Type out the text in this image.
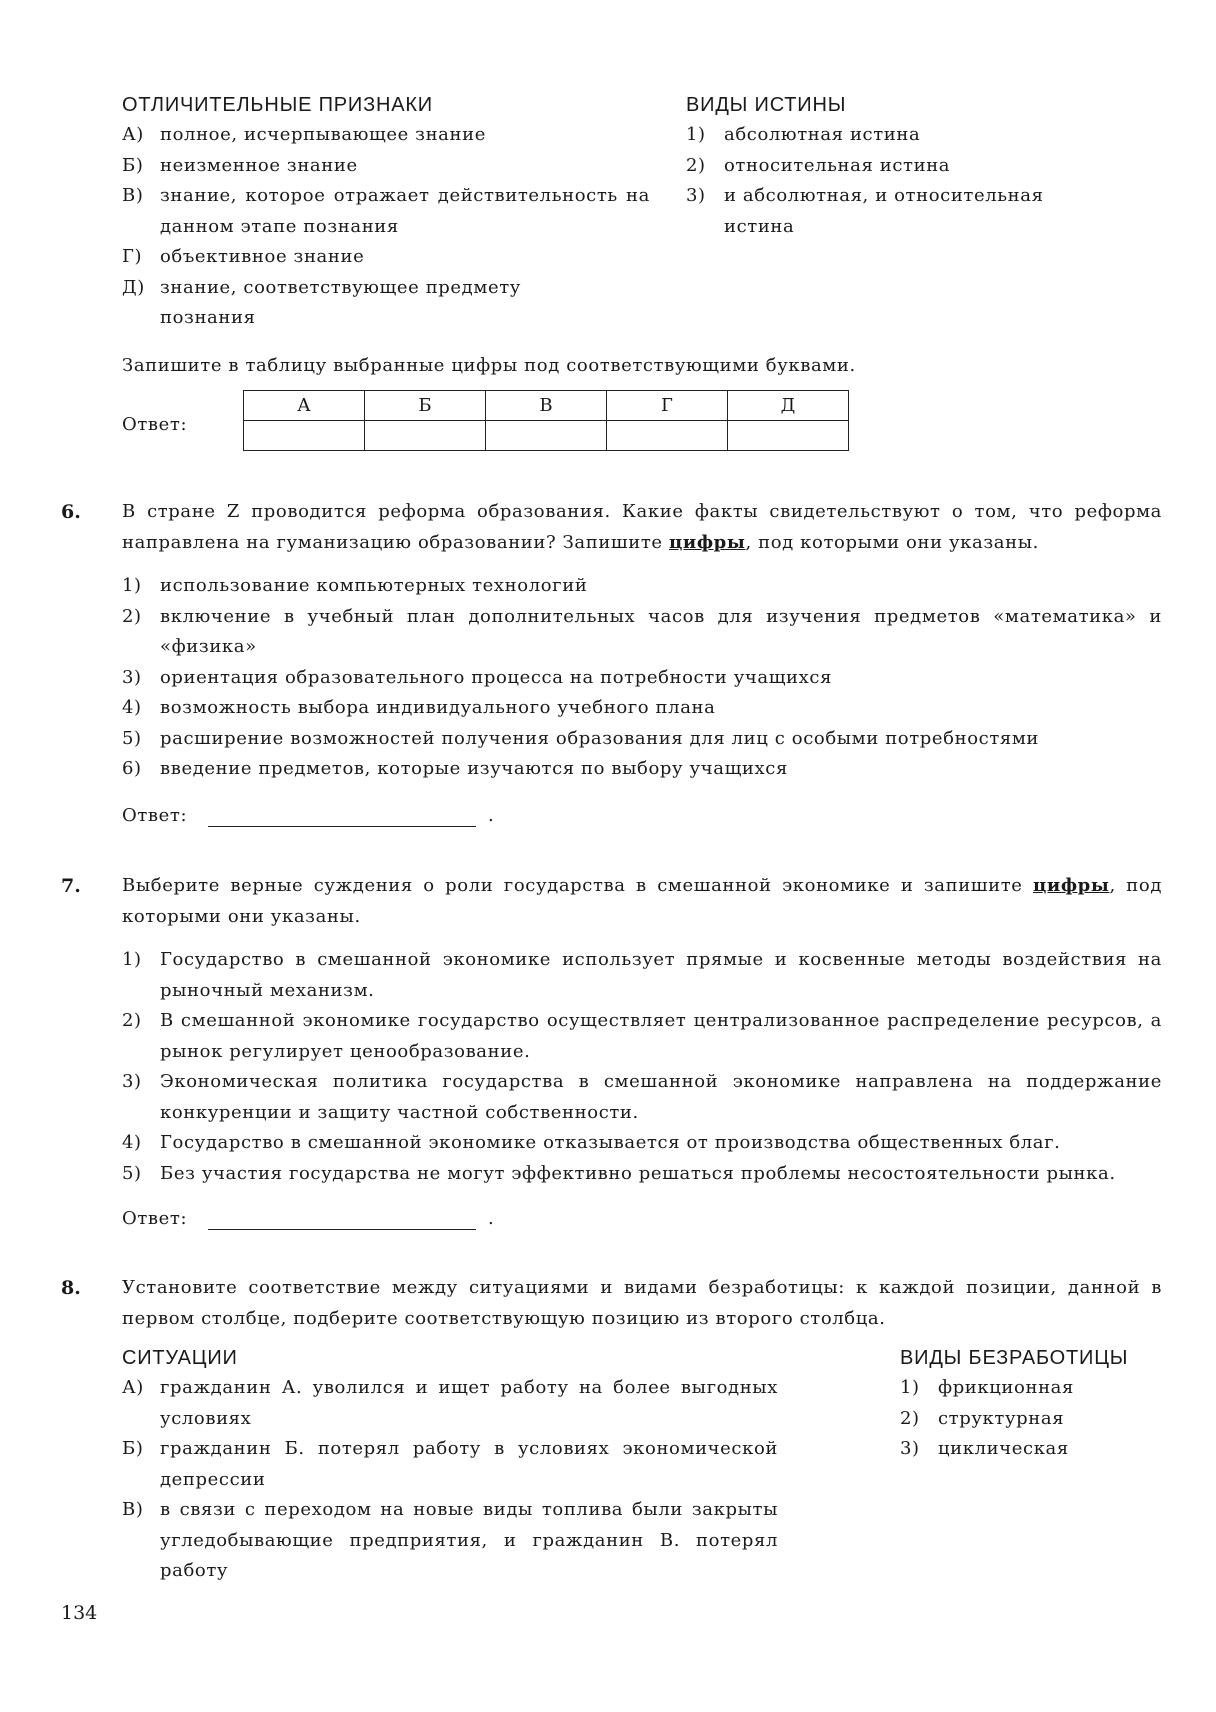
ОТЛИЧИТЕЛЬНЫЕ ПРИЗНАКИ
А) полное, исчерпывающее знание
Б) неизменное знание
В) знание, которое отражает действительность на данном этапе познания
Г) объективное знание
Д) знание, соответствующее предмету познания
ВИДЫ ИСТИНЫ
1) абсолютная истина
2) относительная истина
3) и абсолютная, и относительная истина
Запишите в таблицу выбранные цифры под соответствующими буквами.
Ответ:
А	Б	В	Г	Д

6. В стране Z проводится реформа образования. Какие факты свидетельствуют о том, что реформа направлена на гуманизацию образовании? Запишите цифры, под которыми они указаны.
1) использование компьютерных технологий
2) включение в учебный план дополнительных часов для изучения предметов «математика» и «физика»
3) ориентация образовательного процесса на потребности учащихся
4) возможность выбора индивидуального учебного плана
5) расширение возможностей получения образования для лиц с особыми потребностями
6) введение предметов, которые изучаются по выбору учащихся
Ответ:	.
7. Выберите верные суждения о роли государства в смешанной экономике и запишите цифры, под которыми они указаны.
1) Государство в смешанной экономике использует прямые и косвенные методы воздействия на рыночный механизм.
2) В смешанной экономике государство осуществляет централизованное распределение ресурсов, а рынок регулирует ценообразование.
3) Экономическая политика государства в смешанной экономике направлена на поддержание конкуренции и защиту частной собственности.
4) Государство в смешанной экономике отказывается от производства общественных благ.
5) Без участия государства не могут эффективно решаться проблемы несостоятельности рынка.
Ответ:	.
8. Установите соответствие между ситуациями и видами безработицы: к каждой позиции, данной в первом столбце, подберите соответствующую позицию из второго столбца.
СИТУАЦИИ
А) гражданин А. уволился и ищет работу на более выгодных условиях
Б) гражданин Б. потерял работу в условиях экономической депрессии
В) в связи с переходом на новые виды топлива были закрыты угледобывающие предприятия, и гражданин В. потерял работу
ВИДЫ БЕЗРАБОТИЦЫ
1) фрикционная
2) структурная
3) циклическая
134
